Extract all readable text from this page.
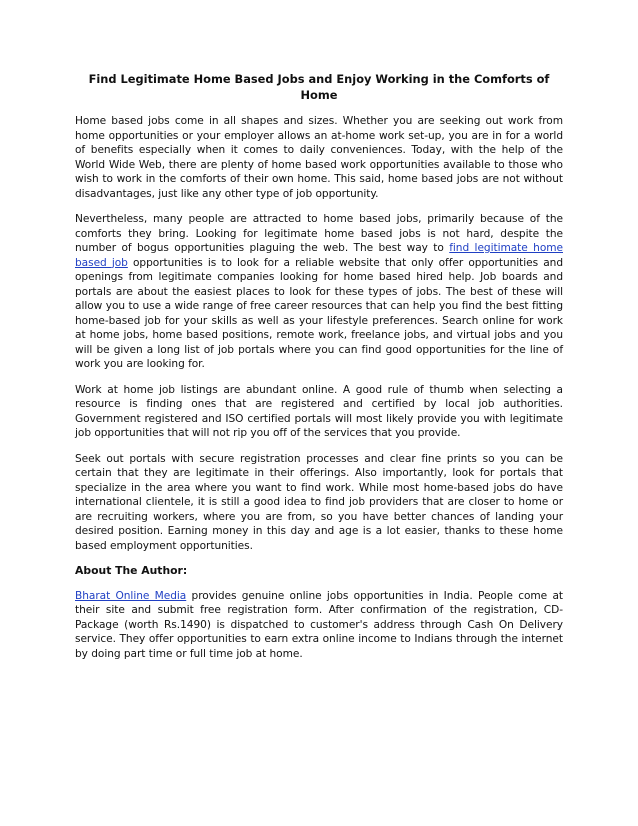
Find Legitimate Home Based Jobs and Enjoy Working in the Comforts of Home

Home based jobs come in all shapes and sizes. Whether you are seeking out work from home opportunities or your employer allows an at-home work set-up, you are in for a world of benefits especially when it comes to daily conveniences. Today, with the help of the World Wide Web, there are plenty of home based work opportunities available to those who wish to work in the comforts of their own home. This said, home based jobs are not without disadvantages, just like any other type of job opportunity.

Nevertheless, many people are attracted to home based jobs, primarily because of the comforts they bring. Looking for legitimate home based jobs is not hard, despite the number of bogus opportunities plaguing the web. The best way to find legitimate home based job opportunities is to look for a reliable website that only offer opportunities and openings from legitimate companies looking for home based hired help. Job boards and portals are about the easiest places to look for these types of jobs. The best of these will allow you to use a wide range of free career resources that can help you find the best fitting home-based job for your skills as well as your lifestyle preferences. Search online for work at home jobs, home based positions, remote work, freelance jobs, and virtual jobs and you will be given a long list of job portals where you can find good opportunities for the line of work you are looking for.

Work at home job listings are abundant online. A good rule of thumb when selecting a resource is finding ones that are registered and certified by local job authorities. Government registered and ISO certified portals will most likely provide you with legitimate job opportunities that will not rip you off of the services that you provide.

Seek out portals with secure registration processes and clear fine prints so you can be certain that they are legitimate in their offerings. Also importantly, look for portals that specialize in the area where you want to find work. While most home-based jobs do have international clientele, it is still a good idea to find job providers that are closer to home or are recruiting workers, where you are from, so you have better chances of landing your desired position. Earning money in this day and age is a lot easier, thanks to these home based employment opportunities.

About The Author:

Bharat Online Media provides genuine online jobs opportunities in India. People come at their site and submit free registration form. After confirmation of the registration, CD-Package (worth Rs.1490) is dispatched to customer's address through Cash On Delivery service. They offer opportunities to earn extra online income to Indians through the internet by doing part time or full time job at home.
